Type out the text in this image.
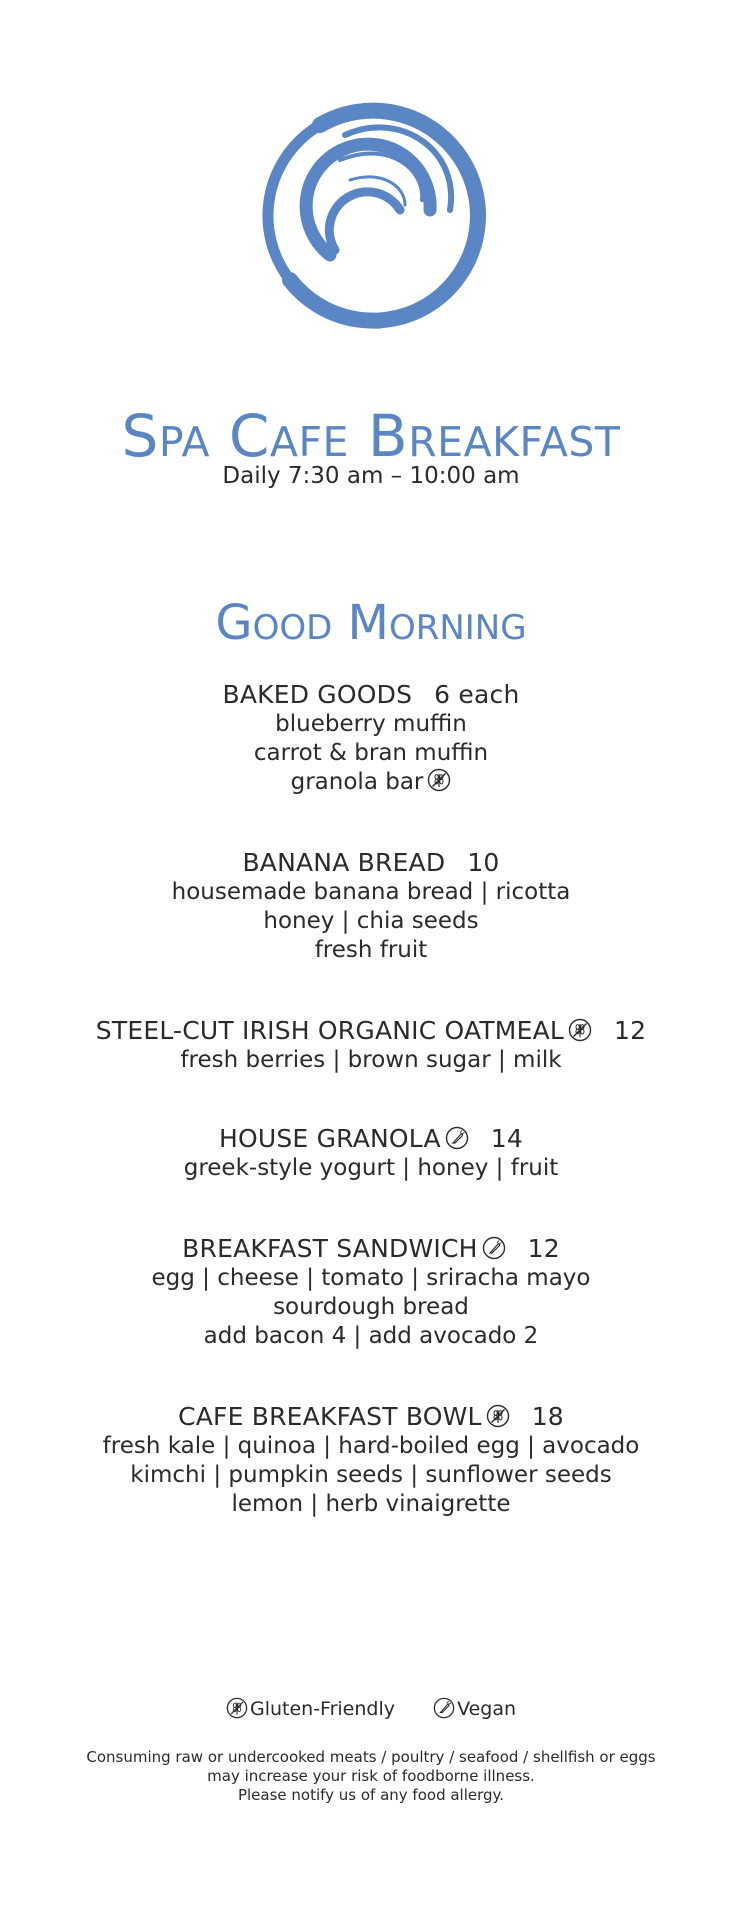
Spa Cafe Breakfast
Daily 7:30 am – 10:00 am
Good Morning
BAKED GOODS 6 each
blueberry muffin
carrot & bran muffin
granola bar
BANANA BREAD 10
housemade banana bread | ricotta
honey | chia seeds
fresh fruit
STEEL-CUT IRISH ORGANIC OATMEAL 12
fresh berries | brown sugar | milk
HOUSE GRANOLA 14
greek-style yogurt | honey | fruit
BREAKFAST SANDWICH 12
egg | cheese | tomato | sriracha mayo
sourdough bread
add bacon 4 | add avocado 2
CAFE BREAKFAST BOWL 18
fresh kale | quinoa | hard-boiled egg | avocado
kimchi | pumpkin seeds | sunflower seeds
lemon | herb vinaigrette
Gluten-Friendly	Vegan
Consuming raw or undercooked meats / poultry / seafood / shellfish or eggs
may increase your risk of foodborne illness.
Please notify us of any food allergy.
